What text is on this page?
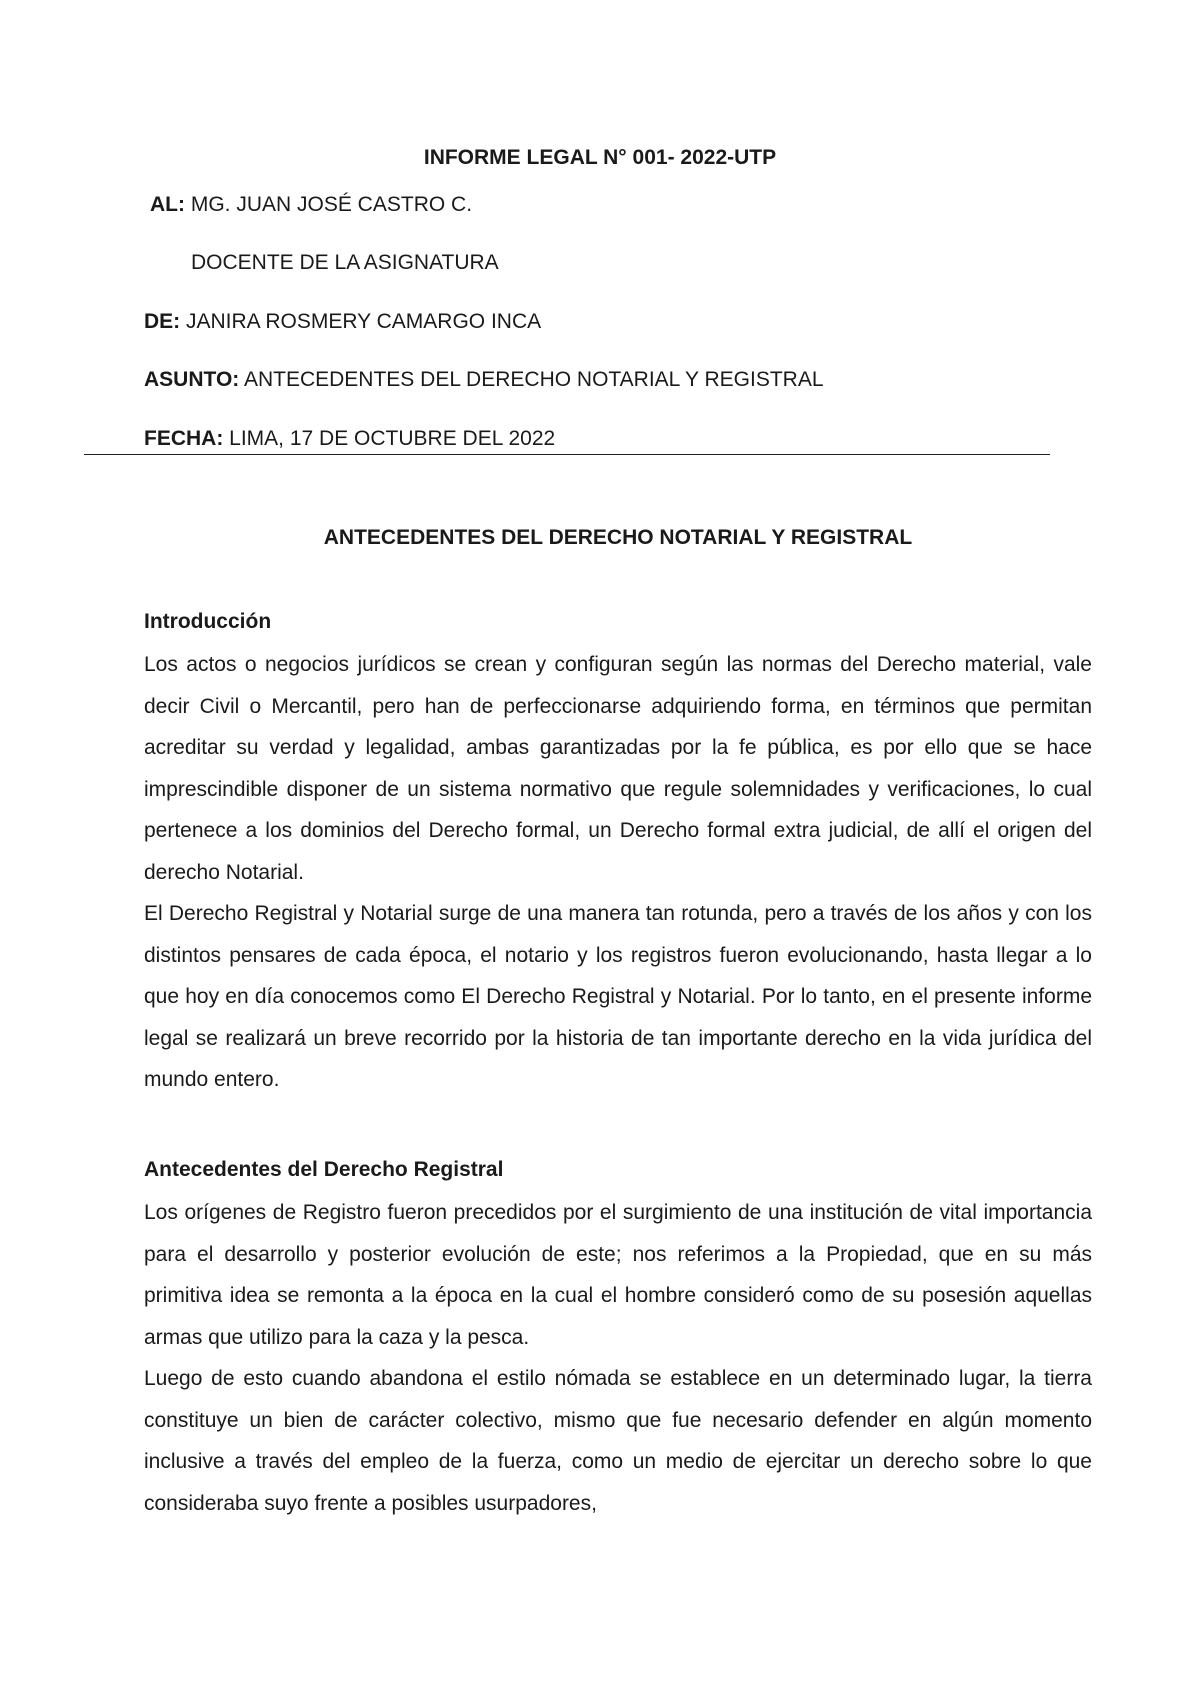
INFORME LEGAL N° 001- 2022-UTP
AL: MG. JUAN JOSÉ CASTRO C.
DOCENTE DE LA ASIGNATURA
DE: JANIRA ROSMERY CAMARGO INCA
ASUNTO: ANTECEDENTES DEL DERECHO NOTARIAL Y REGISTRAL
FECHA: LIMA, 17 DE OCTUBRE DEL 2022
ANTECEDENTES DEL DERECHO NOTARIAL Y REGISTRAL
Introducción

Los actos o negocios jurídicos se crean y configuran según las normas del Derecho material, vale decir Civil o Mercantil, pero han de perfeccionarse adquiriendo forma, en términos que permitan acreditar su verdad y legalidad, ambas garantizadas por la fe pública, es por ello que se hace imprescindible disponer de un sistema normativo que regule solemnidades y verificaciones, lo cual pertenece a los dominios del Derecho formal, un Derecho formal extra judicial, de allí el origen del derecho Notarial.

El Derecho Registral y Notarial surge de una manera tan rotunda, pero a través de los años y con los distintos pensares de cada época, el notario y los registros fueron evolucionando, hasta llegar a lo que hoy en día conocemos como El Derecho Registral y Notarial. Por lo tanto, en el presente informe legal se realizará un breve recorrido por la historia de tan importante derecho en la vida jurídica del mundo entero.

Antecedentes del Derecho Registral

Los orígenes de Registro fueron precedidos por el surgimiento de una institución de vital importancia para el desarrollo y posterior evolución de este; nos referimos a la Propiedad, que en su más primitiva idea se remonta a la época en la cual el hombre consideró como de su posesión aquellas armas que utilizo para la caza y la pesca.

Luego de esto cuando abandona el estilo nómada se establece en un determinado lugar, la tierra constituye un bien de carácter colectivo, mismo que fue necesario defender en algún momento inclusive a través del empleo de la fuerza, como un medio de ejercitar un derecho sobre lo que consideraba suyo frente a posibles usurpadores,
